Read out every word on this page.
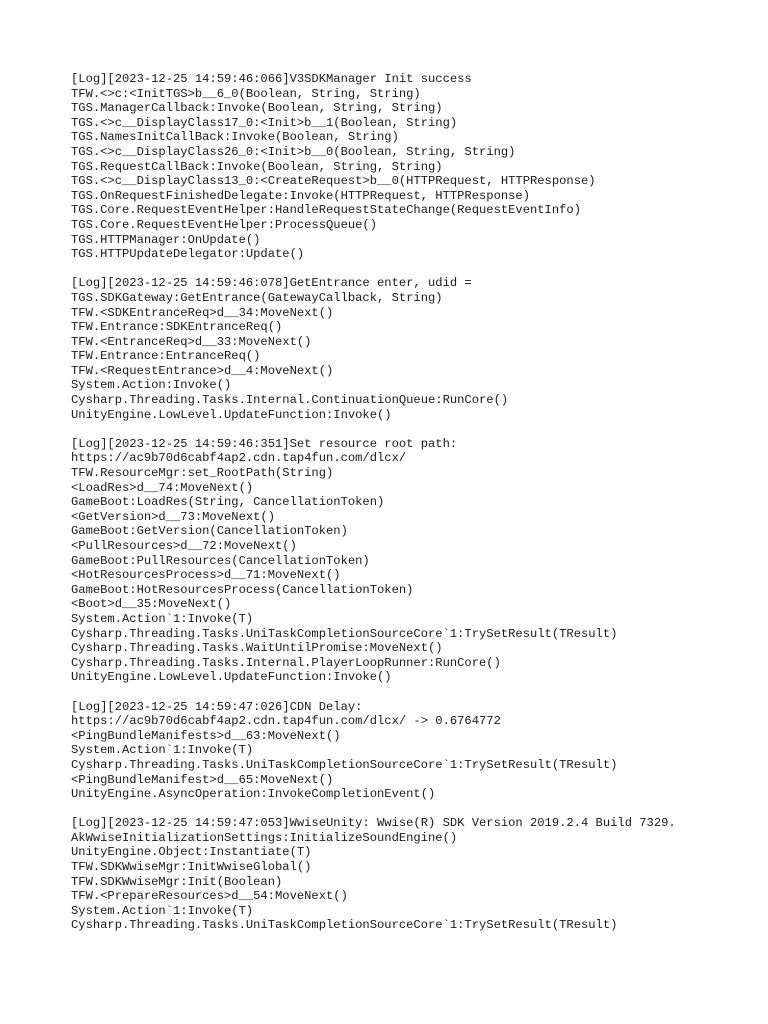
[Log][2023-12-25 14:59:46:066]V3SDKManager Init success
TFW.<>c:<InitTGS>b__6_0(Boolean, String, String)
TGS.ManagerCallback:Invoke(Boolean, String, String)
TGS.<>c__DisplayClass17_0:<Init>b__1(Boolean, String)
TGS.NamesInitCallBack:Invoke(Boolean, String)
TGS.<>c__DisplayClass26_0:<Init>b__0(Boolean, String, String)
TGS.RequestCallBack:Invoke(Boolean, String, String)
TGS.<>c__DisplayClass13_0:<CreateRequest>b__0(HTTPRequest, HTTPResponse)
TGS.OnRequestFinishedDelegate:Invoke(HTTPRequest, HTTPResponse)
TGS.Core.RequestEventHelper:HandleRequestStateChange(RequestEventInfo)
TGS.Core.RequestEventHelper:ProcessQueue()
TGS.HTTPManager:OnUpdate()
TGS.HTTPUpdateDelegator:Update()
[Log][2023-12-25 14:59:46:078]GetEntrance enter, udid =
TGS.SDKGateway:GetEntrance(GatewayCallback, String)
TFW.<SDKEntranceReq>d__34:MoveNext()
TFW.Entrance:SDKEntranceReq()
TFW.<EntranceReq>d__33:MoveNext()
TFW.Entrance:EntranceReq()
TFW.<RequestEntrance>d__4:MoveNext()
System.Action:Invoke()
Cysharp.Threading.Tasks.Internal.ContinuationQueue:RunCore()
UnityEngine.LowLevel.UpdateFunction:Invoke()
[Log][2023-12-25 14:59:46:351]Set resource root path:
https://ac9b70d6cabf4ap2.cdn.tap4fun.com/dlcx/
TFW.ResourceMgr:set_RootPath(String)
<LoadRes>d__74:MoveNext()
GameBoot:LoadRes(String, CancellationToken)
<GetVersion>d__73:MoveNext()
GameBoot:GetVersion(CancellationToken)
<PullResources>d__72:MoveNext()
GameBoot:PullResources(CancellationToken)
<HotResourcesProcess>d__71:MoveNext()
GameBoot:HotResourcesProcess(CancellationToken)
<Boot>d__35:MoveNext()
System.Action`1:Invoke(T)
Cysharp.Threading.Tasks.UniTaskCompletionSourceCore`1:TrySetResult(TResult)
Cysharp.Threading.Tasks.WaitUntilPromise:MoveNext()
Cysharp.Threading.Tasks.Internal.PlayerLoopRunner:RunCore()
UnityEngine.LowLevel.UpdateFunction:Invoke()
[Log][2023-12-25 14:59:47:026]CDN Delay:
https://ac9b70d6cabf4ap2.cdn.tap4fun.com/dlcx/ -> 0.6764772
<PingBundleManifests>d__63:MoveNext()
System.Action`1:Invoke(T)
Cysharp.Threading.Tasks.UniTaskCompletionSourceCore`1:TrySetResult(TResult)
<PingBundleManifest>d__65:MoveNext()
UnityEngine.AsyncOperation:InvokeCompletionEvent()
[Log][2023-12-25 14:59:47:053]WwiseUnity: Wwise(R) SDK Version 2019.2.4 Build 7329.
AkWwiseInitializationSettings:InitializeSoundEngine()
UnityEngine.Object:Instantiate(T)
TFW.SDKWwiseMgr:InitWwiseGlobal()
TFW.SDKWwiseMgr:Init(Boolean)
TFW.<PrepareResources>d__54:MoveNext()
System.Action`1:Invoke(T)
Cysharp.Threading.Tasks.UniTaskCompletionSourceCore`1:TrySetResult(TResult)
